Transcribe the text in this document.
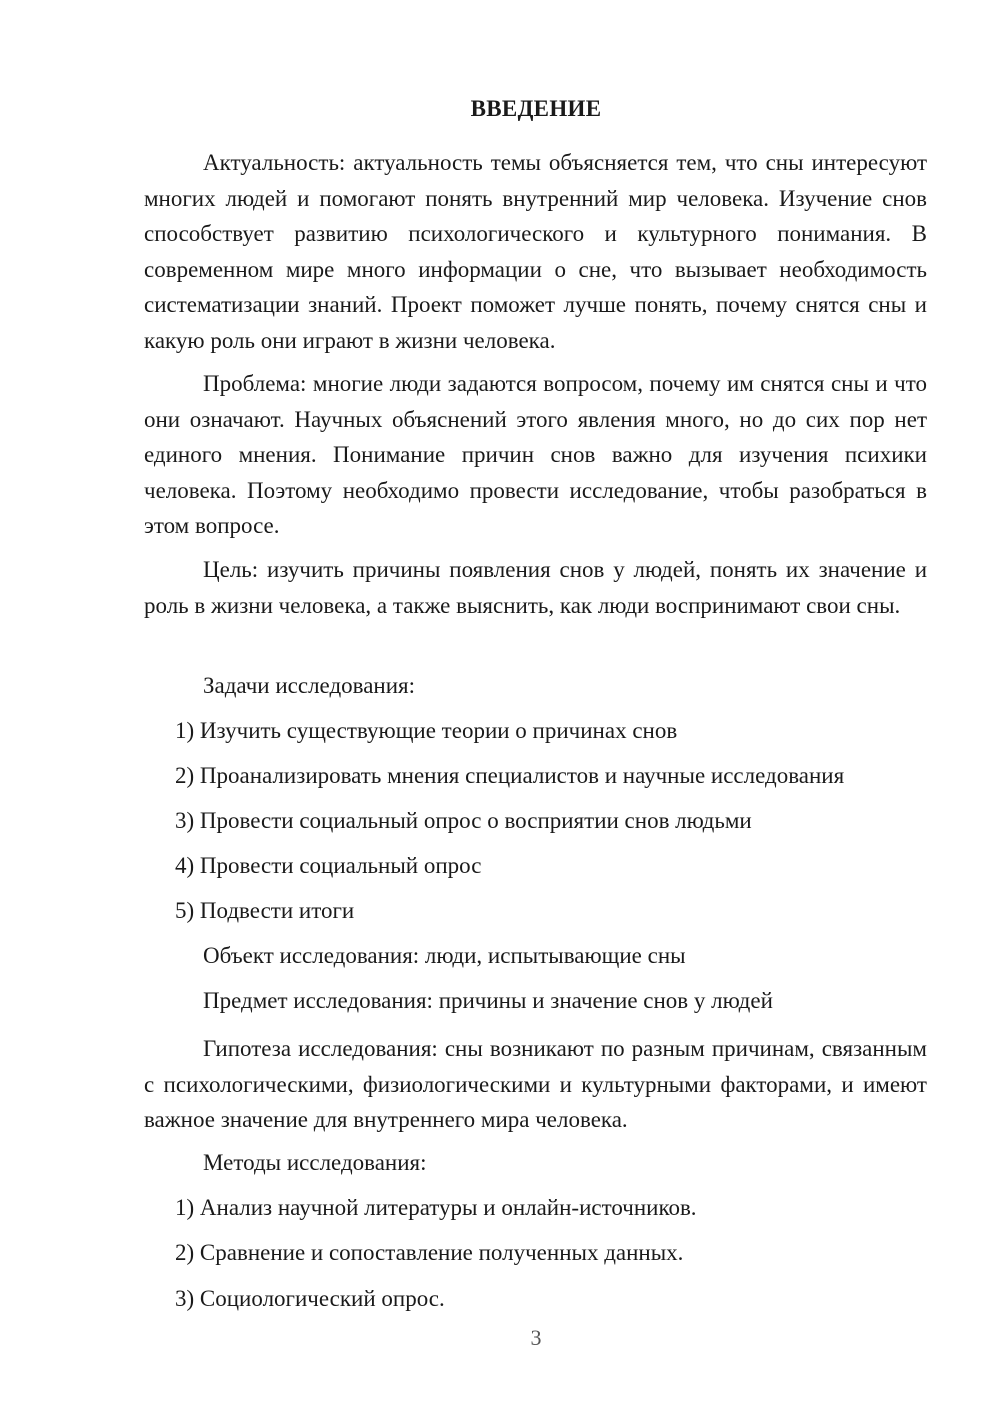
ВВЕДЕНИЕ

Актуальность: актуальность темы объясняется тем, что сны интересуют многих людей и помогают понять внутренний мир человека. Изучение снов способствует развитию психологического и культурного понимания. В современном мире много информации о сне, что вызывает необходимость систематизации знаний. Проект поможет лучше понять, почему снятся сны и какую роль они играют в жизни человека.

Проблема: многие люди задаются вопросом, почему им снятся сны и что они означают. Научных объяснений этого явления много, но до сих пор нет единого мнения. Понимание причин снов важно для изучения психики человека. Поэтому необходимо провести исследование, чтобы разобраться в этом вопросе.

Цель: изучить причины появления снов у людей, понять их значение и роль в жизни человека, а также выяснить, как люди воспринимают свои сны.

Задачи исследования:

1) Изучить существующие теории о причинах снов

2) Проанализировать мнения специалистов и научные исследования

3) Провести социальный опрос о восприятии снов людьми

4) Провести социальный опрос

5) Подвести итоги

Объект исследования: люди, испытывающие сны

Предмет исследования: причины и значение снов у людей

Гипотеза исследования: сны возникают по разным причинам, связанным с психологическими, физиологическими и культурными факторами, и имеют важное значение для внутреннего мира человека.

Методы исследования:

1) Анализ научной литературы и онлайн-источников.

2) Сравнение и сопоставление полученных данных.

3) Социологический опрос.

3
